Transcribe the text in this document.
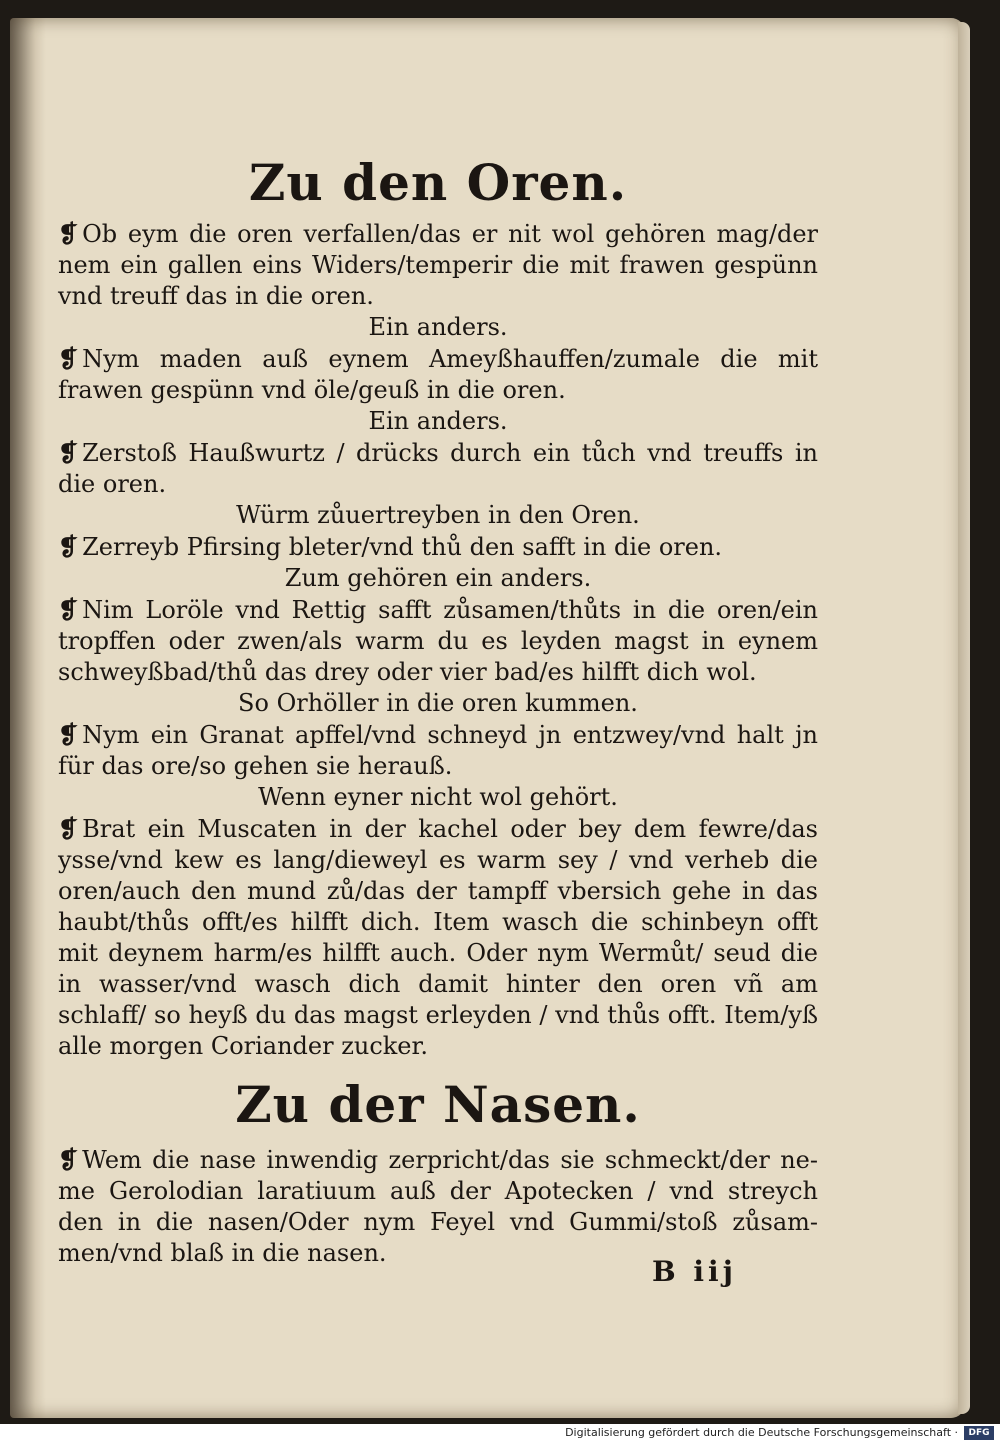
Zu den Oren.

❡ Ob eym die oren verfallen/das er nit wol gehören mag/der nem ein gallen eins Widers/temperir die mit frawen gespünn vnd treuff das in die oren.

Ein anders.

❡ Nym maden auß eynem Ameyßhauffen/zumale die mit frawen gespünn vnd öle/geuß in die oren.

Ein anders.

❡ Zerstoß Haußwurtz / drücks durch ein tůch vnd treuffs in die oren.

Würm zůuertreyben in den Oren.

❡ Zerreyb Pfirsing bleter/vnd thů den safft in die oren.

Zum gehören ein anders.

❡ Nim Loröle vnd Rettig safft zůsamen/thůts in die oren/ein tropffen oder zwen/als warm du es leyden magst in eynem schweyßbad/thů das drey oder vier bad/es hilfft dich wol.

So Orhöller in die oren kummen.

❡ Nym ein Granat apffel/vnd schneyd jn entzwey/vnd halt jn für das ore/so gehen sie herauß.

Wenn eyner nicht wol gehört.

❡ Brat ein Muscaten in der kachel oder bey dem fewre/das ysse/vnd kew es lang/dieweyl es warm sey / vnd verheb die oren/auch den mund zů/das der tampff vbersich gehe in das haubt/thůs offt/es hilfft dich. Item wasch die schinbeyn offt mit deynem harm/es hilfft auch. Oder nym Wermůt/ seud die in wasser/vnd wasch dich damit hinter den oren vñ am schlaff/ so heyß du das magst erleyden / vnd thůs offt. Item/yß alle morgen Coriander zucker.

Zu der Nasen.

❡ Wem die nase inwendig zerpricht/das sie schmeckt/der ne- me Gerolodian laratiuum auß der Apotecken / vnd streych den in die nasen/Oder nym Feyel vnd Gummi/stoß zůsam- men/vnd blaß in die nasen.

B iij
Digitalisierung gefördert durch die Deutsche Forschungsgemeinschaft ·	DFG
